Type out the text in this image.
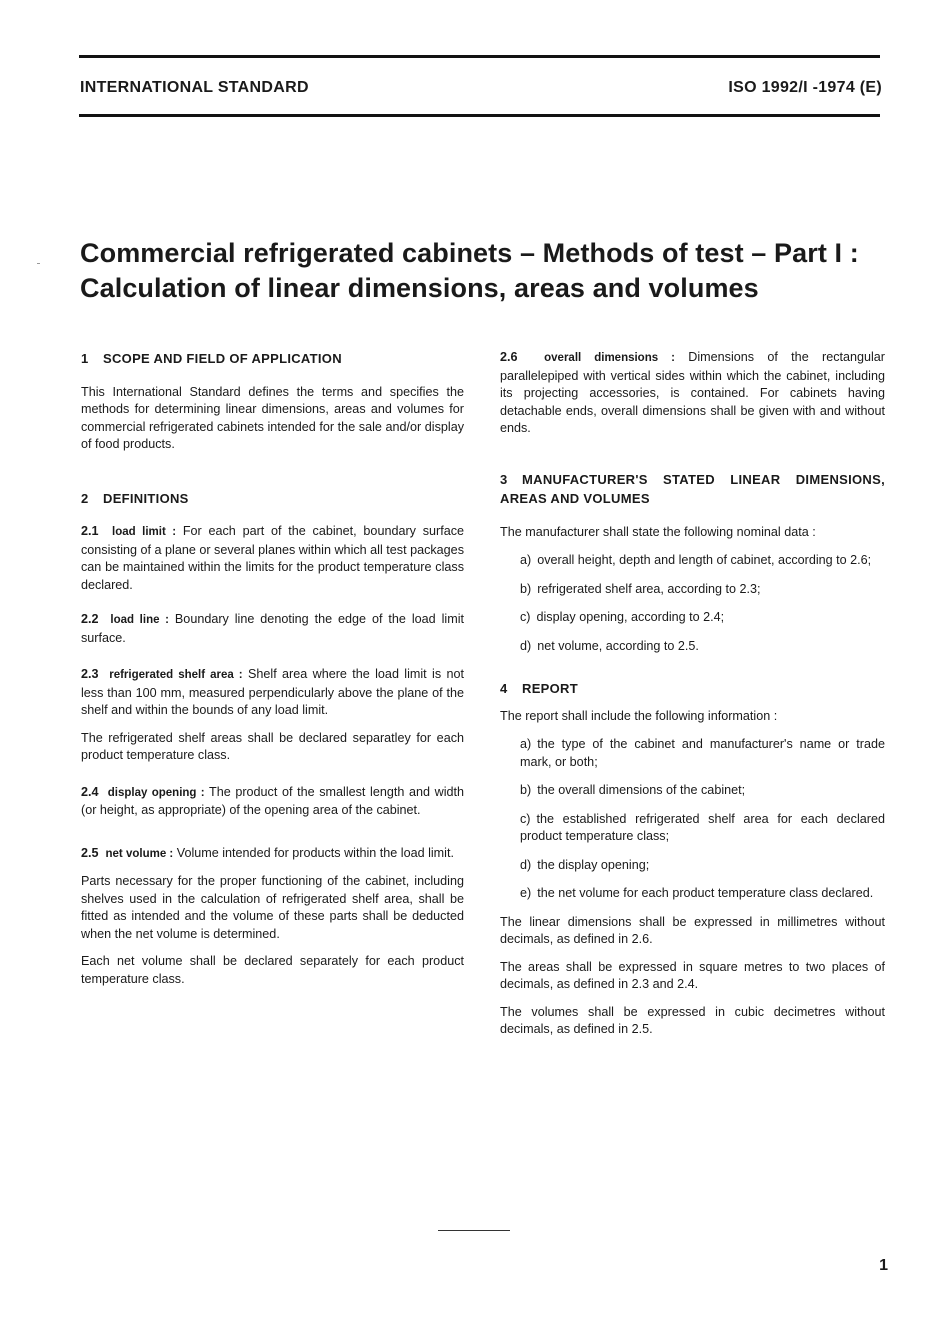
INTERNATIONAL STANDARD	ISO 1992/I -1974 (E)
Commercial refrigerated cabinets – Methods of test – Part I :
Calculation of linear dimensions, areas and volumes
1 SCOPE AND FIELD OF APPLICATION

This International Standard defines the terms and specifies the methods for determining linear dimensions, areas and volumes for commercial refrigerated cabinets intended for the sale and/or display of food products.

2 DEFINITIONS

2.1 load limit : For each part of the cabinet, boundary surface consisting of a plane or several planes within which all test packages can be maintained within the limits for the product temperature class declared.

2.2 load line : Boundary line denoting the edge of the load limit surface.

2.3 refrigerated shelf area : Shelf area where the load limit is not less than 100 mm, measured perpendicularly above the plane of the shelf and within the bounds of any load limit.

The refrigerated shelf areas shall be declared separatley for each product temperature class.

2.4 display opening : The product of the smallest length and width (or height, as appropriate) of the opening area of the cabinet.

2.5 net volume : Volume intended for products within the load limit.

Parts necessary for the proper functioning of the cabinet, including shelves used in the calculation of refrigerated shelf area, shall be fitted as intended and the volume of these parts shall be deducted when the net volume is determined.

Each net volume shall be declared separately for each product temperature class.

2.6 overall dimensions : Dimensions of the rectangular parallelepiped with vertical sides within which the cabinet, including its projecting accessories, is contained. For cabinets having detachable ends, overall dimensions shall be given with and without ends.

3 MANUFACTURER'S STATED LINEAR DIMENSIONS, AREAS AND VOLUMES

The manufacturer shall state the following nominal data :

a) overall height, depth and length of cabinet, according to 2.6;
b) refrigerated shelf area, according to 2.3;
c) display opening, according to 2.4;
d) net volume, according to 2.5.
4 REPORT

The report shall include the following information :

a) the type of the cabinet and manufacturer's name or trade mark, or both;
b) the overall dimensions of the cabinet;
c) the established refrigerated shelf area for each declared product temperature class;
d) the display opening;
e) the net volume for each product temperature class declared.

The linear dimensions shall be expressed in millimetres without decimals, as defined in 2.6.

The areas shall be expressed in square metres to two places of decimals, as defined in 2.3 and 2.4.

The volumes shall be expressed in cubic decimetres without decimals, as defined in 2.5.

1
